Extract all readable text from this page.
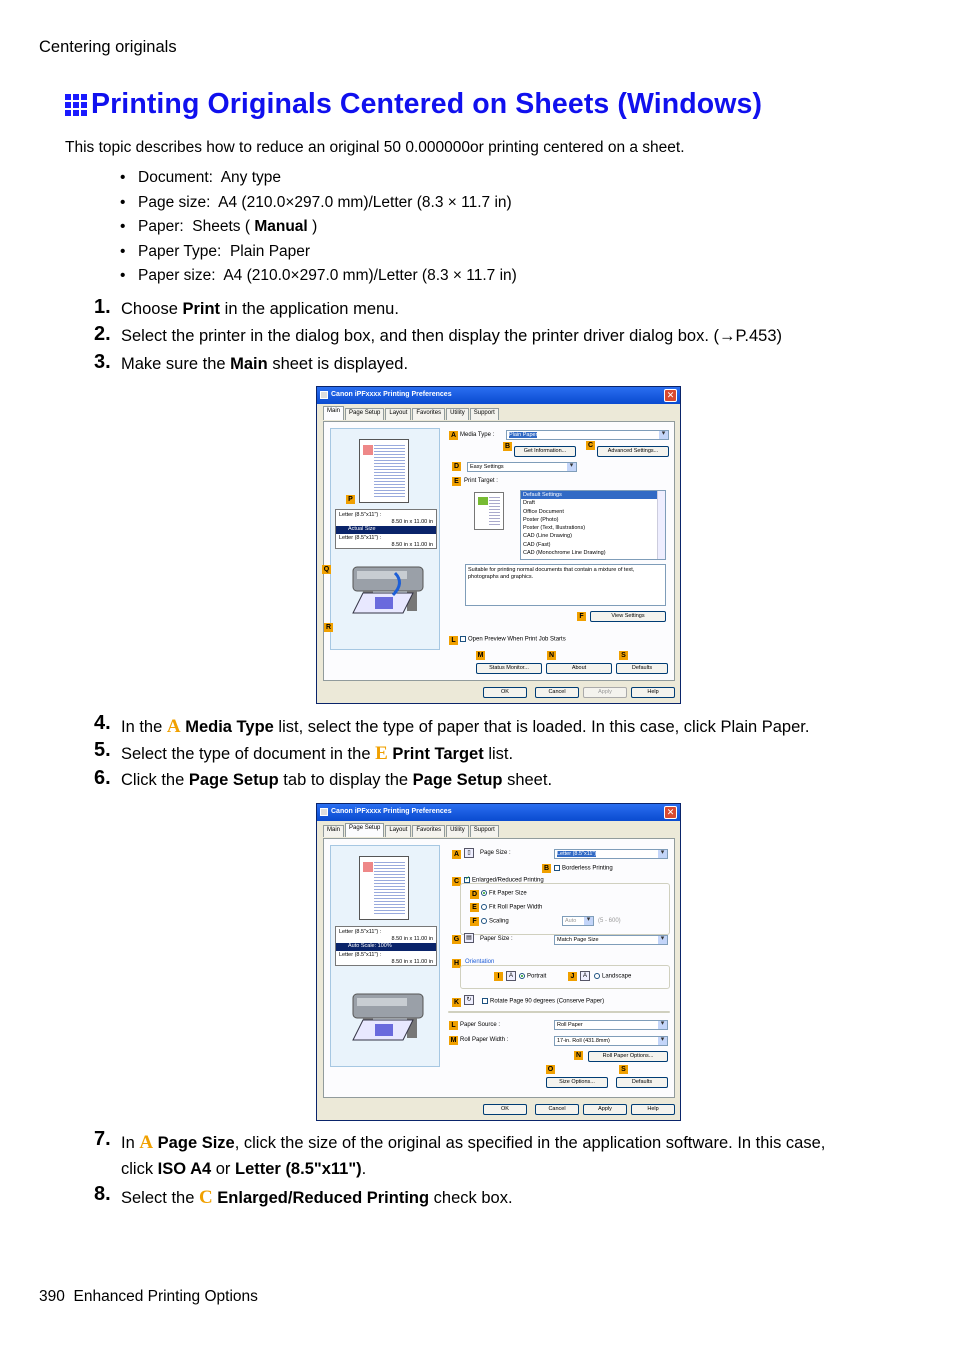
Centering originals
Printing Originals Centered on Sheets (Windows)
This topic describes how to reduce an original 50 0.000000or printing centered on a sheet.
• Document: Any type
• Page size: A4 (210.0×297.0 mm)/Letter (8.3 × 11.7 in)
• Paper: Sheets ( Manual )
• Paper Type: Plain Paper
• Paper size: A4 (210.0×297.0 mm)/Letter (8.3 × 11.7 in)
1. Choose Print in the application menu.
2. Select the printer in the dialog box, and then display the printer driver dialog box. (→P.453)
3. Make sure the Main sheet is displayed.
Canon iPFxxxx Printing Preferences	✕
Main	Page Setup	Layout	Favorites	Utility	Support
Letter (8.5"x11") :
8.50 in x 11.00 in
Actual Size
Letter (8.5"x11") :
8.50 in x 11.00 in
P
Q
R
A Media Type :	Plain Paper ▾
B
Get Information...
C
Advanced Settings...
D	Easy Settings ▾
E Print Target :
Default Settings
Draft
Office Document
Poster (Photo)
Poster (Text, Illustrations)
CAD (Line Drawing)
CAD (Fast)
CAD (Monochrome Line Drawing)
Suitable for printing normal documents that contain a mixture of text, photographs and graphics.
F	View Settings
L	Open Preview When Print Job Starts
M	N	S
Status Monitor...	About	Defaults
OK	Cancel	Apply	Help
4. In the A Media Type list, select the type of paper that is loaded. In this case, click Plain Paper.
5. Select the type of document in the E Print Target list.
6. Click the Page Setup tab to display the Page Setup sheet.
Canon iPFxxxx Printing Preferences	✕
Main	Page Setup	Layout	Favorites	Utility	Support
Letter (8.5"x11") :
8.50 in x 11.00 in
Auto Scale: 100%
Letter (8.5"x11") :
8.50 in x 11.00 in
A	▯	Page Size :	Letter (8.5"x11") ▾
B	Borderless Printing
C
✓	Enlarged/Reduced Printing
D	Fit Paper Size
E	Fit Roll Paper Width
F	Scaling	Auto ▾	(5 - 600)
G	▤	Paper Size :	Match Page Size ▾
H Orientation
I	A	Portrait	J	A	Landscape
K	↻	Rotate Page 90 degrees (Conserve Paper)
L Paper Source :	Roll Paper ▾
M Roll Paper Width :	17-in. Roll (431.8mm) ▾
N	Roll Paper Options...
O	S
Size Options...	Defaults
OK	Cancel	Apply	Help
7. In A Page Size, click the size of the original as specified in the application software. In this case,
click ISO A4 or Letter (8.5"x11").
8. Select the C Enlarged/Reduced Printing check box.
390 Enhanced Printing Options
